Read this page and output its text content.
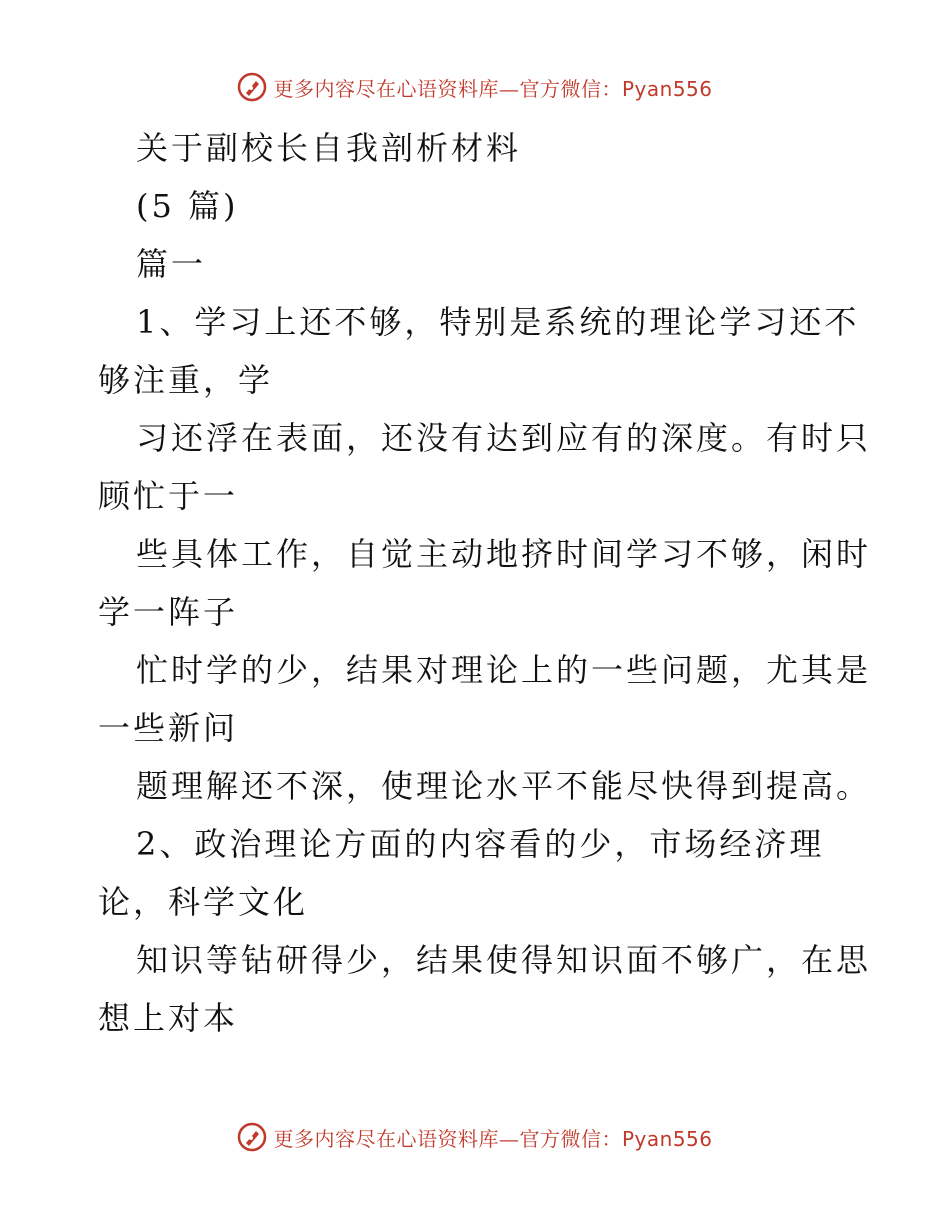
更多内容尽在心语资料库—官方微信：Pyan556
关于副校长自我剖析材料
(5 篇)
篇一
1、学习上还不够，特别是系统的理论学习还不
够注重，学
习还浮在表面，还没有达到应有的深度。有时只
顾忙于一
些具体工作，自觉主动地挤时间学习不够，闲时
学一阵子
忙时学的少，结果对理论上的一些问题，尤其是
一些新问
题理解还不深，使理论水平不能尽快得到提高。
2、政治理论方面的内容看的少，市场经济理
论，科学文化
知识等钻研得少，结果使得知识面不够广，在思
想上对本
更多内容尽在心语资料库—官方微信：Pyan556
